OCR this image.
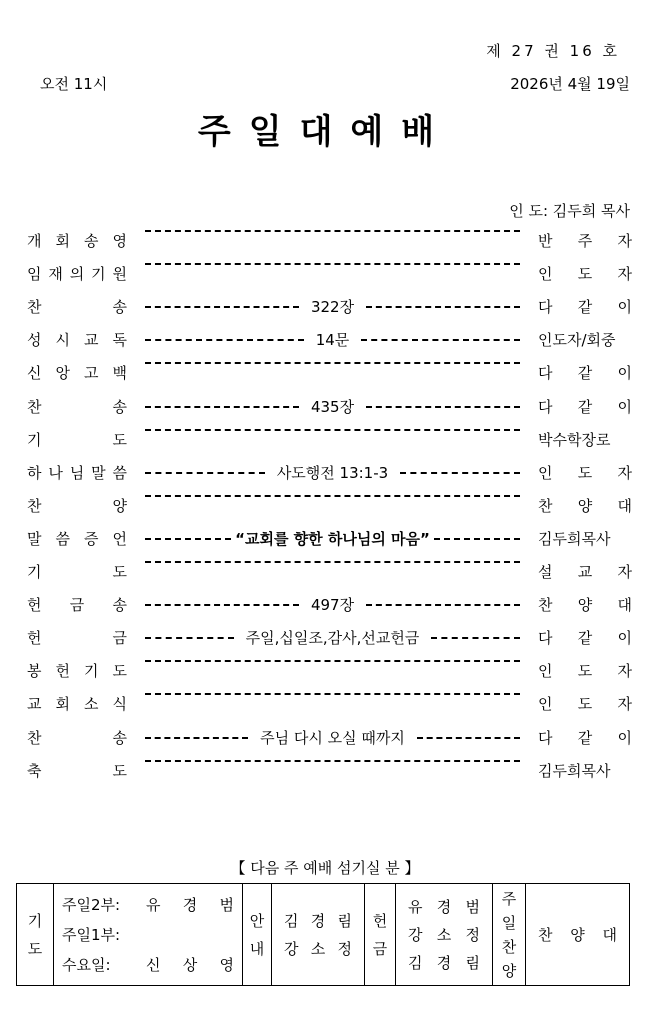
제 27 권 16 호
오전 11시	2026년 4월 19일
주일대예배
인 도: 김두희 목사
개 회 송 영	반 주 자
임 재 의 기 원	인 도 자
찬	송	322장	다 같 이
성 시 교 독	14문	인도자/회중
신 앙 고 백	다 같 이
찬	송	435장	다 같 이
기	도	박수학장로
하 나 님 말 씀	사도행전 13:1-3	인 도 자
찬	양	찬 양 대
말 씀 증 언	“교회를 향한 하나님의 마음”	김두희목사
기	도	설 교 자
헌 금 송	497장	찬 양 대
헌	금	주일,십일조,감사,선교헌금	다 같 이
봉 헌 기 도	인 도 자
교 회 소 식	인 도 자
찬	송	주님 다시 오실 때까지	다 같 이
축	도	김두희목사
【 다음 주 예배 섬기실 분 】
기
도

주일2부:	유 경 범
주일1부:
수요일:	신 상 영

안
내

김 경 림
강 소 정

헌
금

유 경 범
강 소 정
김 경 림

주
일
찬
양

찬 양 대
